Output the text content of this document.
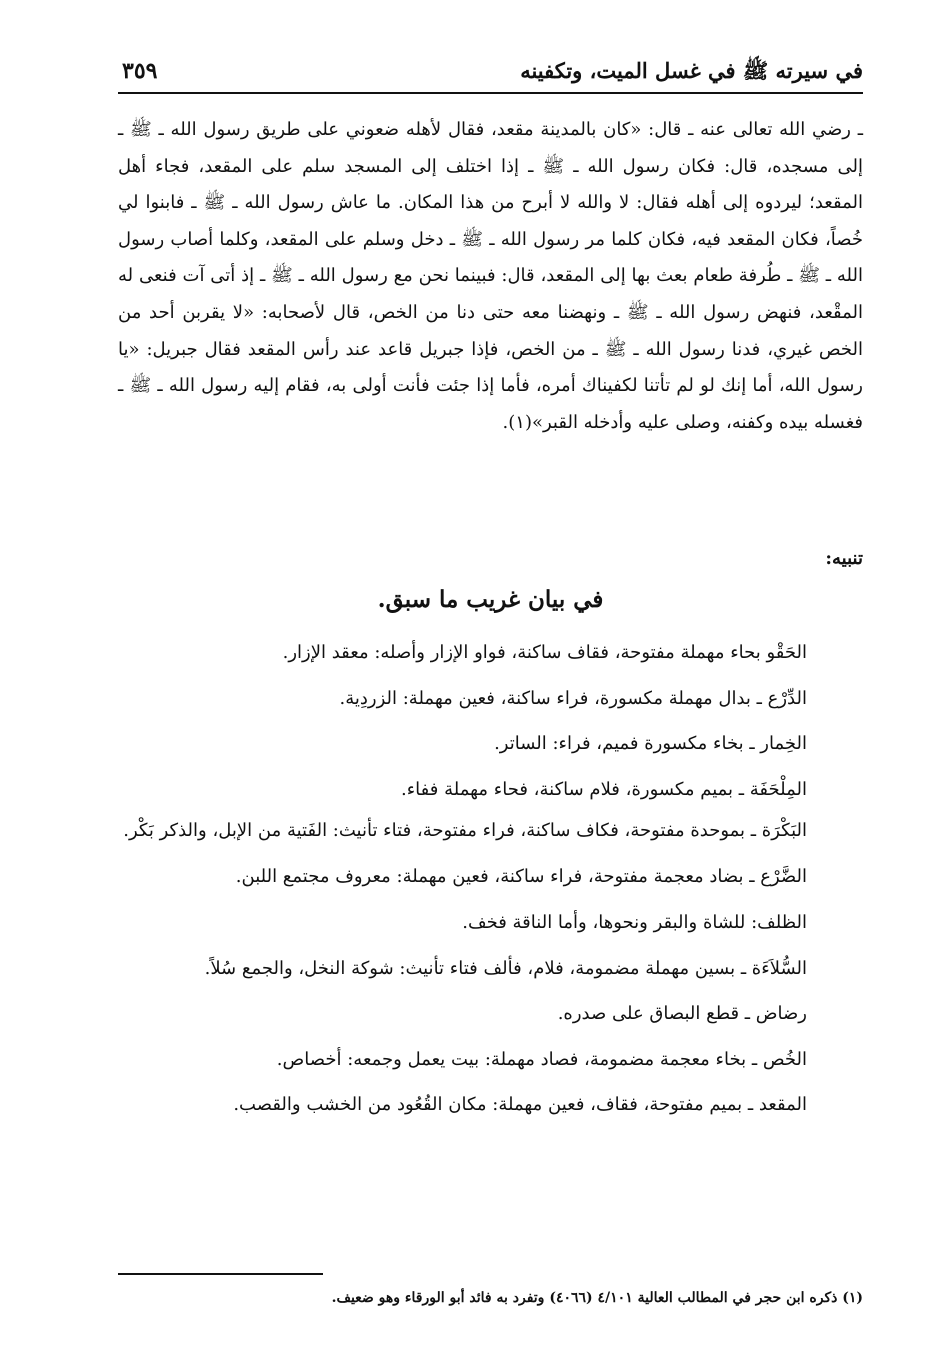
في سيرته ﷺ في غسل الميت، وتكفينه
٣٥٩

ـ رضي الله تعالى عنه ـ قال: «كان بالمدينة مقعد، فقال لأهله ضعوني على طريق رسول الله ـ ﷺ ـ إلى مسجده، قال: فكان رسول الله ـ ﷺ ـ إذا اختلف إلى المسجد سلم على المقعد، فجاء أهل المقعد؛ ليردوه إلى أهله فقال: لا والله لا أبرح من هذا المكان. ما عاش رسول الله ـ ﷺ ـ فابنوا لي خُصاً، فكان المقعد فيه، فكان كلما مر رسول الله ـ ﷺ ـ دخل وسلم على المقعد، وكلما أصاب رسول الله ـ ﷺ ـ طُرفة طعام بعث بها إلى المقعد، قال: فبينما نحن مع رسول الله ـ ﷺ ـ إذ أتى آت فنعى له المقْعد، فنهض رسول الله ـ ﷺ ـ ونهضنا معه حتى دنا من الخص، قال لأصحابه: «لا يقربن أحد من الخص غيري، فدنا رسول الله ـ ﷺ ـ من الخص، فإذا جبريل قاعد عند رأس المقعد فقال جبريل: «يا رسول الله، أما إنك لو لم تأتنا لكفيناك أمره، فأما إذا جئت فأنت أولى به، فقام إليه رسول الله ـ ﷺ ـ فغسله بيده وكفنه، وصلى عليه وأدخله القبر»(١).

تنبيه:
في بيان غريب ما سبق.
الحَقْو بحاء مهملة مفتوحة، فقاف ساكنة، فواو الإزار وأصله: معقد الإزار.
الدِّرْع ـ بدال مهملة مكسورة، فراء ساكنة، فعين مهملة: الزردِية.
الخِمار ـ بخاء مكسورة فميم، فراء: الساتر.
المِلْحَفَة ـ بميم مكسورة، فلام ساكنة، فحاء مهملة ففاء.
البَكْرَة ـ بموحدة مفتوحة، فكاف ساكنة، فراء مفتوحة، فتاء تأنيث: الفَتية من الإبل، والذكر بَكْر.
الضَّرْع ـ بضاد معجمة مفتوحة، فراء ساكنة، فعين مهملة: معروف مجتمع اللبن.
الظلف: للشاة والبقر ونحوها، وأما الناقة فخف.
السُّلاَءَة ـ بسين مهملة مضمومة، فلام، فألف فتاء تأنيث: شوكة النخل، والجمع سُلاً.
رضاض ـ قطع البصاق على صدره.
الخُص ـ بخاء معجمة مضمومة، فصاد مهملة: بيت يعمل وجمعه: أخصاص.
المقعد ـ بميم مفتوحة، فقاف، فعين مهملة: مكان القُعُود من الخشب والقصب.
(١) ذكره ابن حجر في المطالب العالية ٤/١٠١ (٤٠٦٦) وتفرد به فائد أبو الورقاء وهو ضعيف.
